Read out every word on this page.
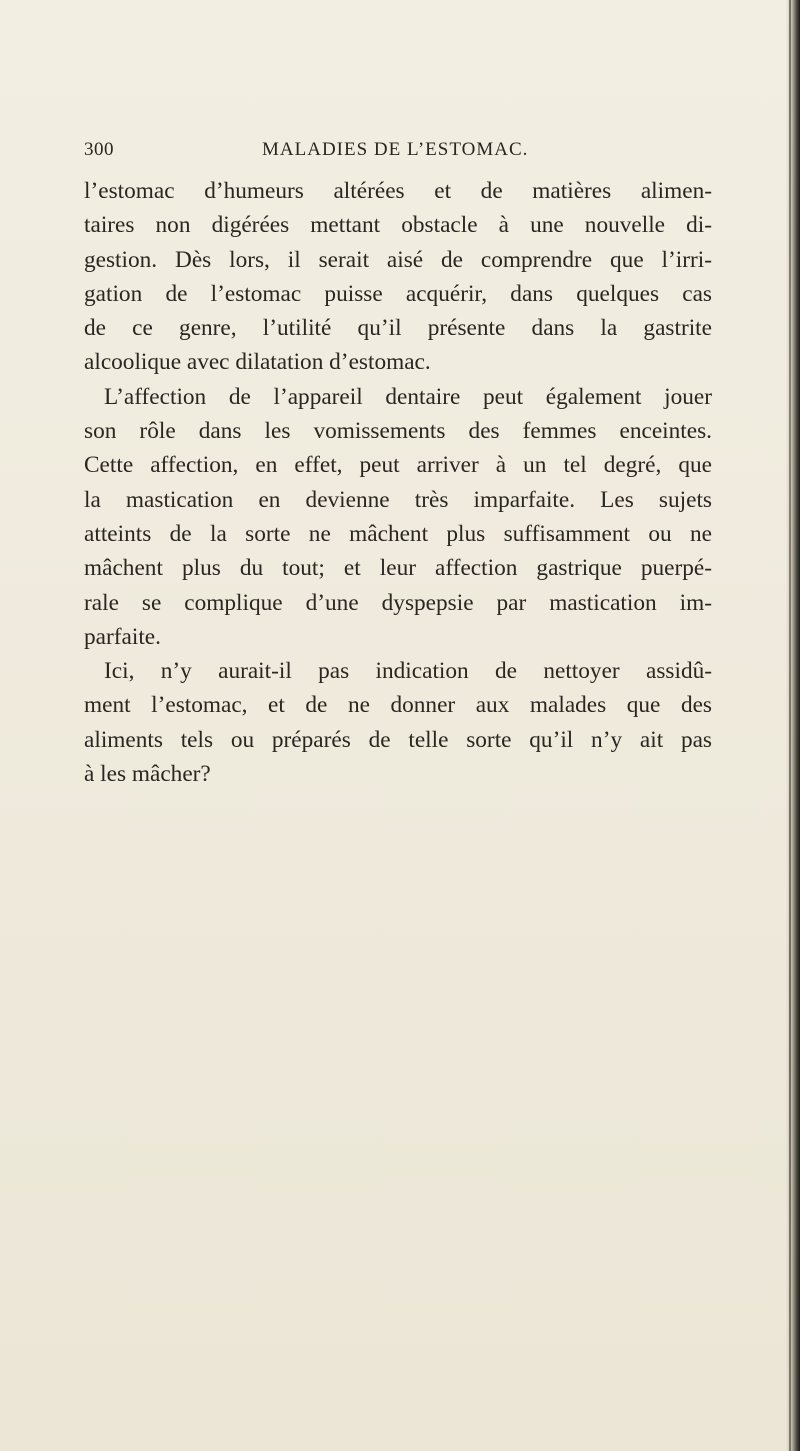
300	MALADIES DE L’ESTOMAC.
l’estomac d’humeurs altérées et de matières alimen-
taires non digérées mettant obstacle à une nouvelle di-
gestion. Dès lors, il serait aisé de comprendre que l’irri-
gation de l’estomac puisse acquérir, dans quelques cas
de ce genre, l’utilité qu’il présente dans la gastrite
alcoolique avec dilatation d’estomac.
L’affection de l’appareil dentaire peut également jouer
son rôle dans les vomissements des femmes enceintes.
Cette affection, en effet, peut arriver à un tel degré, que
la mastication en devienne très imparfaite. Les sujets
atteints de la sorte ne mâchent plus suffisamment ou ne
mâchent plus du tout; et leur affection gastrique puerpé-
rale se complique d’une dyspepsie par mastication im-
parfaite.
Ici, n’y aurait-il pas indication de nettoyer assidû-
ment l’estomac, et de ne donner aux malades que des
aliments tels ou préparés de telle sorte qu’il n’y ait pas
à les mâcher?
